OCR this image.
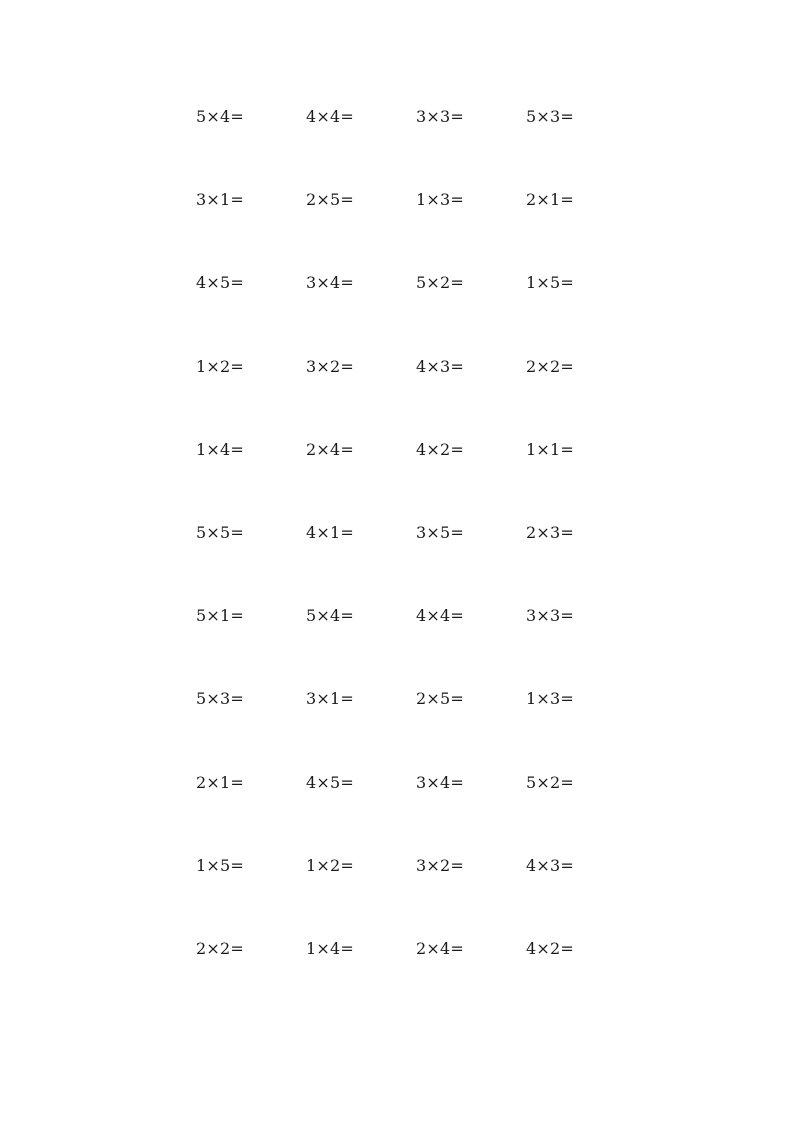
5×4=	4×4=	3×3=	5×3=
3×1=	2×5=	1×3=	2×1=
4×5=	3×4=	5×2=	1×5=
1×2=	3×2=	4×3=	2×2=
1×4=	2×4=	4×2=	1×1=
5×5=	4×1=	3×5=	2×3=
5×1=	5×4=	4×4=	3×3=
5×3=	3×1=	2×5=	1×3=
2×1=	4×5=	3×4=	5×2=
1×5=	1×2=	3×2=	4×3=
2×2=	1×4=	2×4=	4×2=
